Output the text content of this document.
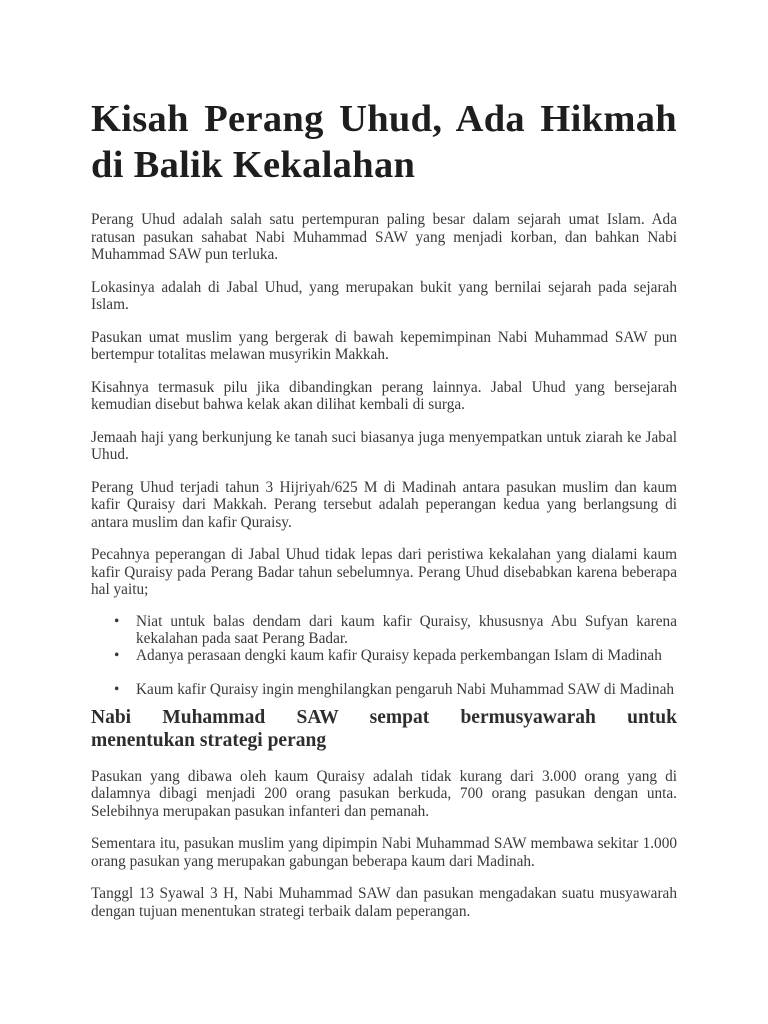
Kisah Perang Uhud, Ada Hikmah di Balik Kekalahan

Perang Uhud adalah salah satu pertempuran paling besar dalam sejarah umat Islam. Ada ratusan pasukan sahabat Nabi Muhammad SAW yang menjadi korban, dan bahkan Nabi Muhammad SAW pun terluka.

Lokasinya adalah di Jabal Uhud, yang merupakan bukit yang bernilai sejarah pada sejarah Islam.

Pasukan umat muslim yang bergerak di bawah kepemimpinan Nabi Muhammad SAW pun bertempur totalitas melawan musyrikin Makkah.

Kisahnya termasuk pilu jika dibandingkan perang lainnya. Jabal Uhud yang bersejarah kemudian disebut bahwa kelak akan dilihat kembali di surga.

Jemaah haji yang berkunjung ke tanah suci biasanya juga menyempatkan untuk ziarah ke Jabal Uhud.

Perang Uhud terjadi tahun 3 Hijriyah/625 M di Madinah antara pasukan muslim dan kaum kafir Quraisy dari Makkah. Perang tersebut adalah peperangan kedua yang berlangsung di antara muslim dan kafir Quraisy.

Pecahnya peperangan di Jabal Uhud tidak lepas dari peristiwa kekalahan yang dialami kaum kafir Quraisy pada Perang Badar tahun sebelumnya. Perang Uhud disebabkan karena beberapa hal yaitu;

• Niat untuk balas dendam dari kaum kafir Quraisy, khususnya Abu Sufyan karena kekalahan pada saat Perang Badar.
• Adanya perasaan dengki kaum kafir Quraisy kepada perkembangan Islam di Madinah
• Kaum kafir Quraisy ingin menghilangkan pengaruh Nabi Muhammad SAW di Madinah
Nabi Muhammad SAW sempat bermusyawarah untuk
menentukan strategi perang

Pasukan yang dibawa oleh kaum Quraisy adalah tidak kurang dari 3.000 orang yang di dalamnya dibagi menjadi 200 orang pasukan berkuda, 700 orang pasukan dengan unta. Selebihnya merupakan pasukan infanteri dan pemanah.

Sementara itu, pasukan muslim yang dipimpin Nabi Muhammad SAW membawa sekitar 1.000 orang pasukan yang merupakan gabungan beberapa kaum dari Madinah.

Tanggl 13 Syawal 3 H, Nabi Muhammad SAW dan pasukan mengadakan suatu musyawarah dengan tujuan menentukan strategi terbaik dalam peperangan.
